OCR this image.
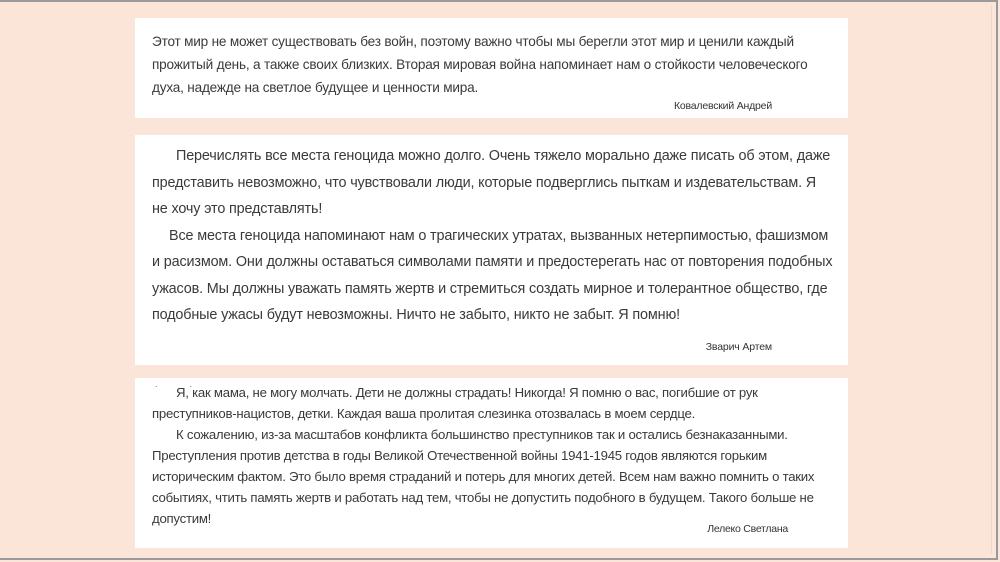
Этот мир не может существовать без войн, поэтому важно чтобы мы берегли этот мир и ценили каждый прожитый день, а также своих близких. Вторая мировая война напоминает нам о стойкости человеческого духа, надежде на светлое будущее и ценности мира.

Ковалевский Андрей

Перечислять все места геноцида можно долго. Очень тяжело морально даже писать об этом, даже представить невозможно, что чувствовали люди, которые подверглись пыткам и издевательствам. Я не хочу это представлять!

Все места геноцида напоминают нам о трагических утратах, вызванных нетерпимостью, фашизмом и расизмом. Они должны оставаться символами памяти и предостерегать нас от повторения подобных ужасов. Мы должны уважать память жертв и стремиться создать мирное и толерантное общество, где подобные ужасы будут невозможны. Ничто не забыто, никто не забыт. Я помню!

Зварич Артем
..

Я, как мама, не могу молчать. Дети не должны страдать! Никогда! Я помню о вас, погибшие от рук преступников-нацистов, детки. Каждая ваша пролитая слезинка отозвалась в моем сердце.

К сожалению, из-за масштабов конфликта большинство преступников так и остались безнаказанными.     Преступления против детства в годы Великой Отечественной войны 1941-1945 годов являются горьким историческим фактом. Это было время страданий и потерь для многих детей. Всем нам важно помнить о таких событиях, чтить память жертв и работать над тем, чтобы не допустить подобного в будущем. Такого больше не допустим!

Лелеко Светлана
